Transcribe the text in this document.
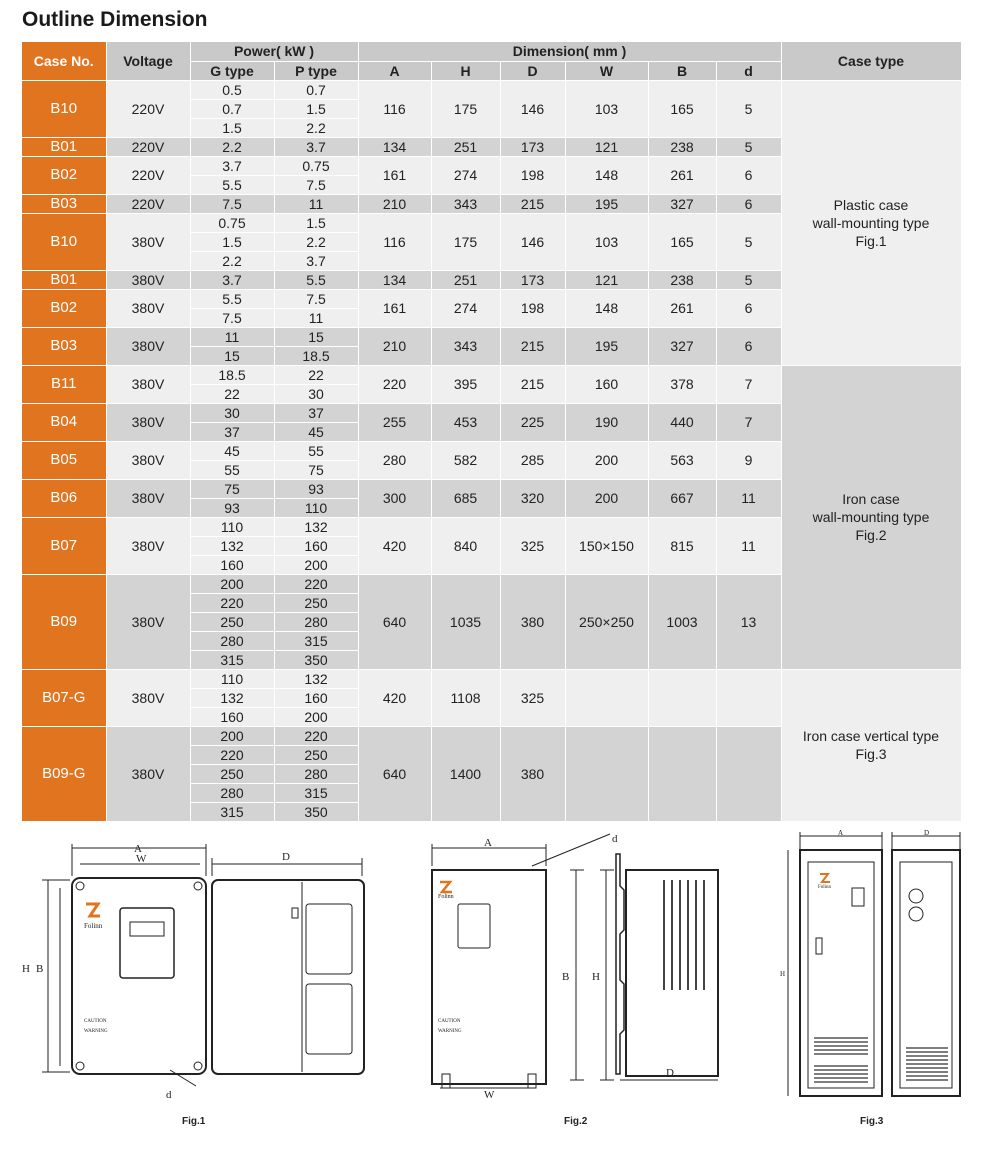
Outline Dimension
Case No.	Voltage	Power( kW )		Dimension( mm )						Case type
		G type	P type	A	H	D	W	B	d	
B10	220V	0.5	0.7	116	175	146	103	165	5	Plastic case
wall-mounting type
Fig.1

		0.7	1.5							
		1.5	2.2							
B01	220V	2.2	3.7	134	251	173	121	238	5	
B02	220V	3.7	0.75	161	274	198	148	261	6	
		5.5	7.5							
B03	220V	7.5	11	210	343	215	195	327	6	
B10	380V	0.75	1.5	116	175	146	103	165	5	
		1.5	2.2							
		2.2	3.7							
B01	380V	3.7	5.5	134	251	173	121	238	5	
B02	380V	5.5	7.5	161	274	198	148	261	6	
		7.5	11							
B03	380V	11	15	210	343	215	195	327	6	
		15	18.5							
B11	380V	18.5	22	220	395	215	160	378	7	Iron case
wall-mounting type
Fig.2

		22	30							
B04	380V	30	37	255	453	225	190	440	7	
		37	45							
B05	380V	45	55	280	582	285	200	563	9	
		55	75							
B06	380V	75	93	300	685	320	200	667	11	
		93	110							
B07	380V	110	132	420	840	325	150×150	815	11	
		132	160							
		160	200							
B09	380V	200	220	640	1035	380	250×250	1003	13	
		220	250							
		250	280							
		280	315							
		315	350							
B07-G	380V	110	132	420	1108	325				Iron case vertical type
Fig.3

		132	160							
		160	200							
B09-G	380V	200	220	640	1400	380				
		220	250							
		250	280							
		280	315							
		315	350							
A
W	D
H B
d
Folinn
CAUTION
WARNING
Fig.1
A	d
B H
W
D
Folinn
CAUTION
WARNING
Fig.2
A	D
H
Folinn
Fig.3
